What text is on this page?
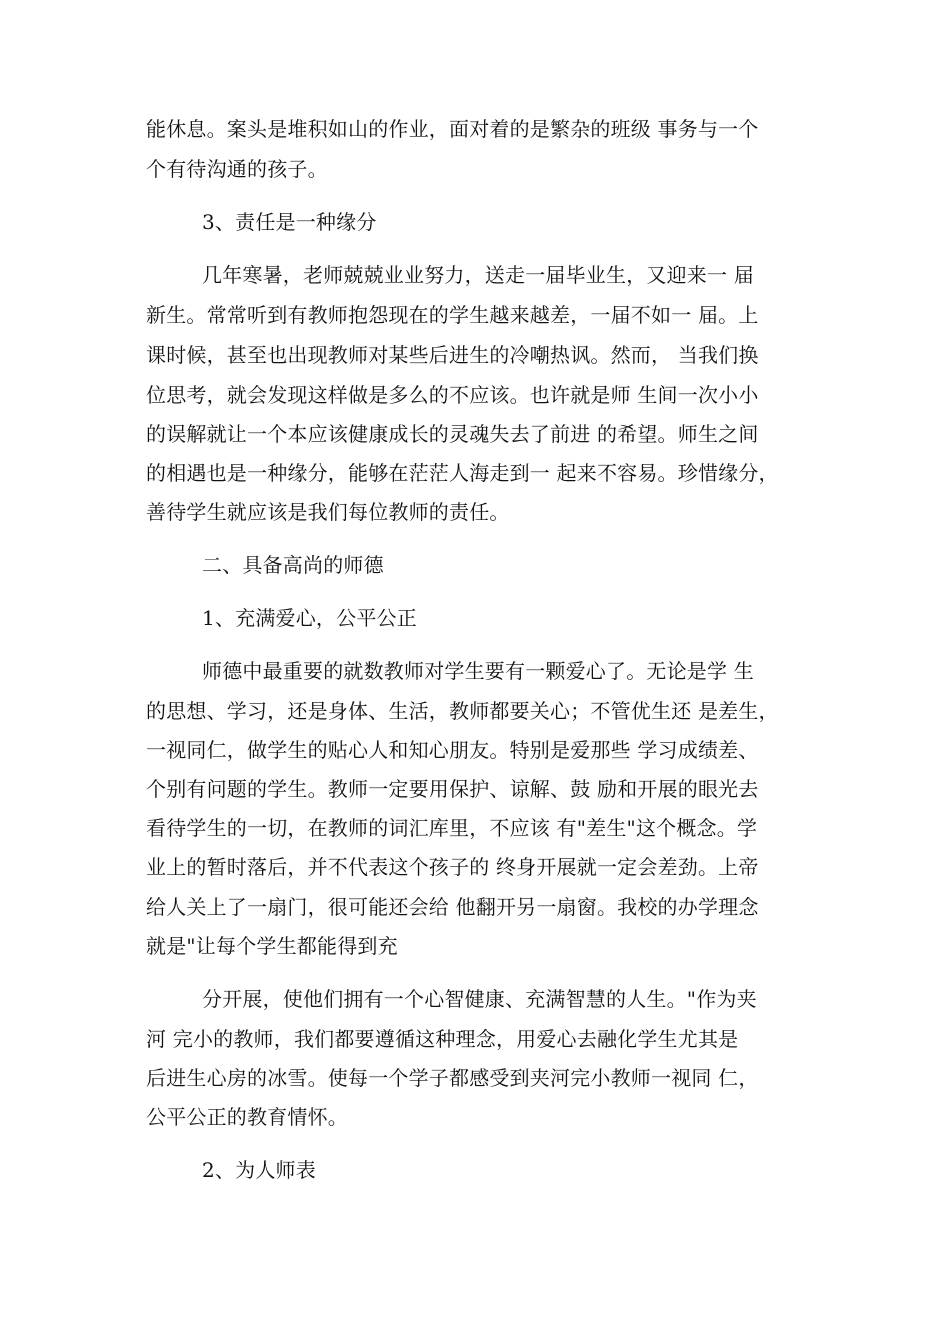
能休息。案头是堆积如山的作业，面对着的是繁杂的班级 事务与一个
个有待沟通的孩子。
3、责任是一种缘分
几年寒暑，老师兢兢业业努力，送走一届毕业生，又迎来一 届
新生。常常听到有教师抱怨现在的学生越来越差，一届不如一 届。上
课时候，甚至也出现教师对某些后进生的冷嘲热讽。然而， 当我们换
位思考，就会发现这样做是多么的不应该。也许就是师 生间一次小小
的误解就让一个本应该健康成长的灵魂失去了前进 的希望。师生之间
的相遇也是一种缘分，能够在茫茫人海走到一 起来不容易。珍惜缘分，
善待学生就应该是我们每位教师的责任。
二、具备高尚的师德
1、充满爱心，公平公正
师德中最重要的就数教师对学生要有一颗爱心了。无论是学 生
的思想、学习，还是身体、生活，教师都要关心；不管优生还 是差生，
一视同仁，做学生的贴心人和知心朋友。特别是爱那些 学习成绩差、
个别有问题的学生。教师一定要用保护、谅解、鼓 励和开展的眼光去
看待学生的一切，在教师的词汇库里，不应该 有"差生"这个概念。学
业上的暂时落后，并不代表这个孩子的 终身开展就一定会差劲。上帝
给人关上了一扇门，很可能还会给 他翻开另一扇窗。我校的办学理念
就是"让每个学生都能得到充
分开展，使他们拥有一个心智健康、充满智慧的人生。"作为夹
河 完小的教师，我们都要遵循这种理念，用爱心去融化学生尤其是
后进生心房的冰雪。使每一个学子都感受到夹河完小教师一视同 仁，
公平公正的教育情怀。
2、为人师表
